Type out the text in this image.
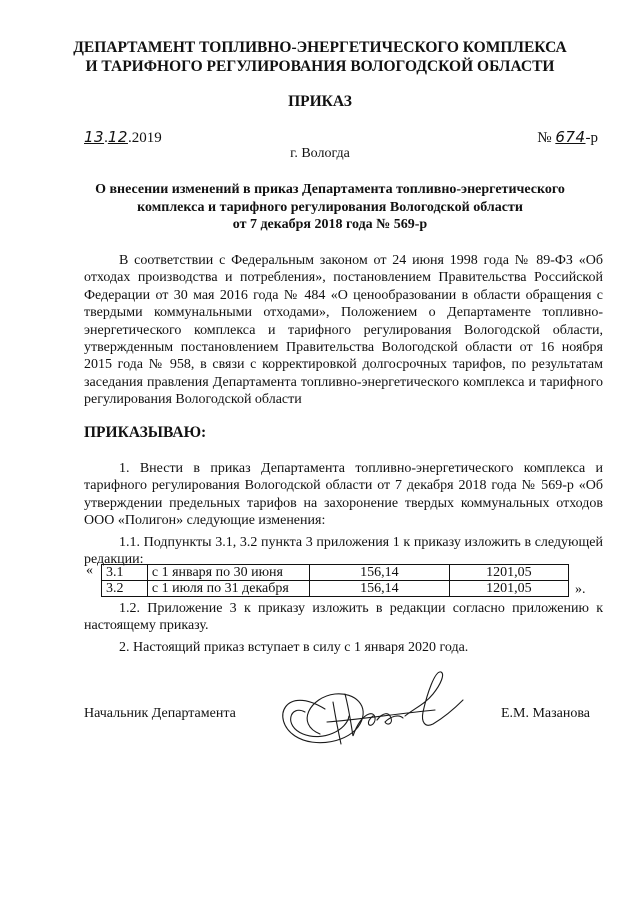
ДЕПАРТАМЕНТ ТОПЛИВНО-ЭНЕРГЕТИЧЕСКОГО КОМПЛЕКСА
И ТАРИФНОГО РЕГУЛИРОВАНИЯ ВОЛОГОДСКОЙ ОБЛАСТИ
ПРИКАЗ
13.12.2019	№ 674-р
г. Вологда
О внесении изменений в приказ Департамента топливно-энергетического
комплекса и тарифного регулирования Вологодской области
от 7 декабря 2018 года № 569-р

В соответствии с Федеральным законом от 24 июня 1998 года № 89-ФЗ «Об отходах производства и потребления», постановлением Правительства Российской Федерации от 30 мая 2016 года № 484 «О ценообразовании в области обращения с твердыми коммунальными отходами», Положением о Департаменте топливно-энергетического комплекса и тарифного регулирования Вологодской области, утвержденным постановлением Правительства Вологодской области от 16 ноября 2015 года № 958, в связи с корректировкой долгосрочных тарифов, по результатам заседания правления Департамента топливно-энергетического комплекса и тарифного регулирования Вологодской области

ПРИКАЗЫВАЮ:

1. Внести в приказ Департамента топливно-энергетического комплекса и тарифного регулирования Вологодской области от 7 декабря 2018 года № 569-р «Об утверждении предельных тарифов на захоронение твердых коммунальных отходов ООО «Полигон» следующие изменения:

1.1. Подпункты 3.1, 3.2 пункта 3 приложения 1 к приказу изложить в следующей редакции:

« 3.1	с 1 января по 30 июня	156,14	1201,05
3.2	с 1 июля по 31 декабря	156,14	1201,05	».

1.2. Приложение 3 к приказу изложить в редакции согласно приложению к настоящему приказу.

2. Настоящий приказ вступает в силу с 1 января 2020 года.

Начальник Департамента	Е.М. Мазанова
